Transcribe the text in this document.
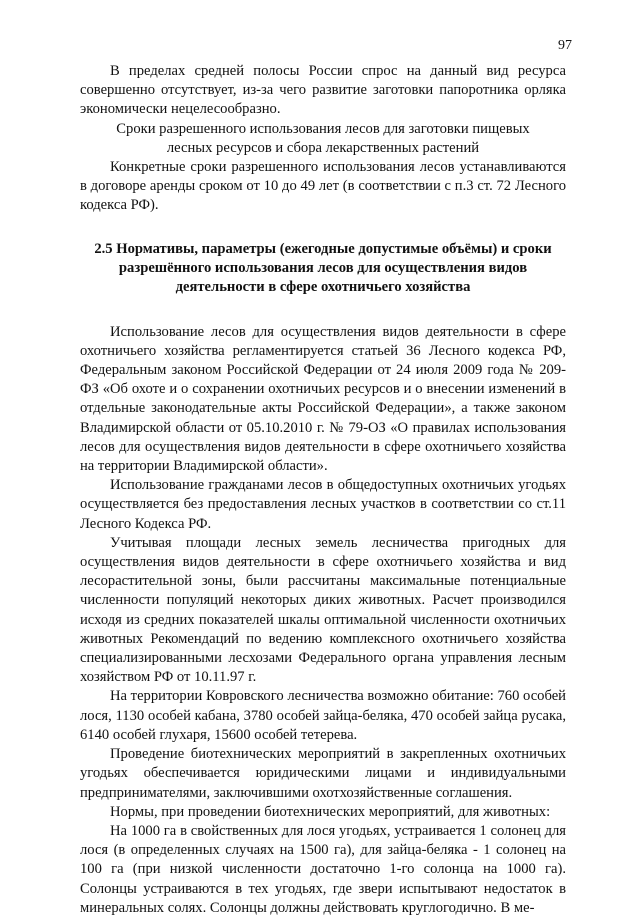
97

В пределах средней полосы России спрос на данный вид ресурса совершенно отсутствует, из-за чего развитие заготовки папоротника орляка экономически нецелесообразно.

Сроки разрешенного использования лесов для заготовки пищевых лесных ресурсов и сбора лекарственных растений

Конкретные сроки разрешенного использования лесов устанавливаются в договоре аренды сроком от 10 до 49 лет (в соответствии с п.3 ст. 72 Лесного кодекса РФ).

2.5 Нормативы, параметры (ежегодные допустимые объёмы) и сроки разрешённого использования лесов для осуществления видов деятельности в сфере охотничьего хозяйства

Использование лесов для осуществления видов деятельности в сфере охотничьего хозяйства регламентируется статьей 36 Лесного кодекса РФ, Федеральным законом Российской Федерации от 24 июля 2009 года № 209-ФЗ «Об охоте и о сохранении охотничьих ресурсов и о внесении изменений в отдельные законодательные акты Российской Федерации», а также законом Владимирской области от 05.10.2010 г. № 79-ОЗ «О правилах использования лесов для осуществления видов деятельности в сфере охотничьего хозяйства на территории Владимирской области».

Использование гражданами лесов в общедоступных охотничьих угодьях осуществляется без предоставления лесных участков в соответствии со ст.11 Лесного Кодекса РФ.

Учитывая площади лесных земель лесничества пригодных для осуществления видов деятельности в сфере охотничьего хозяйства и вид лесорастительной зоны, были рассчитаны максимальные потенциальные численности популяций некоторых диких животных. Расчет производился исходя из средних показателей шкалы оптимальной численности охотничьих животных Рекомендаций по ведению комплексного охотничьего хозяйства специализированными лесхозами Федерального органа управления лесным хозяйством РФ от 10.11.97 г.

На территории Ковровского лесничества возможно обитание: 760 особей лося, 1130 особей кабана, 3780 особей зайца-беляка, 470 особей зайца русака, 6140 особей глухаря, 15600 особей тетерева.

Проведение биотехнических мероприятий в закрепленных охотничьих угодьях обеспечивается юридическими лицами и индивидуальными предпринимателями, заключившими охотхозяйственные соглашения.

Нормы, при проведении биотехнических мероприятий, для животных:

На 1000 га в свойственных для лося угодьях, устраивается 1 солонец для лося (в определенных случаях на 1500 га), для зайца-беляка - 1 солонец на 100 га (при низкой численности достаточно 1-го солонца на 1000 га). Солонцы устраиваются в тех угодьях, где звери испытывают недостаток в минеральных солях. Солонцы должны действовать круглогодично. В ме-
